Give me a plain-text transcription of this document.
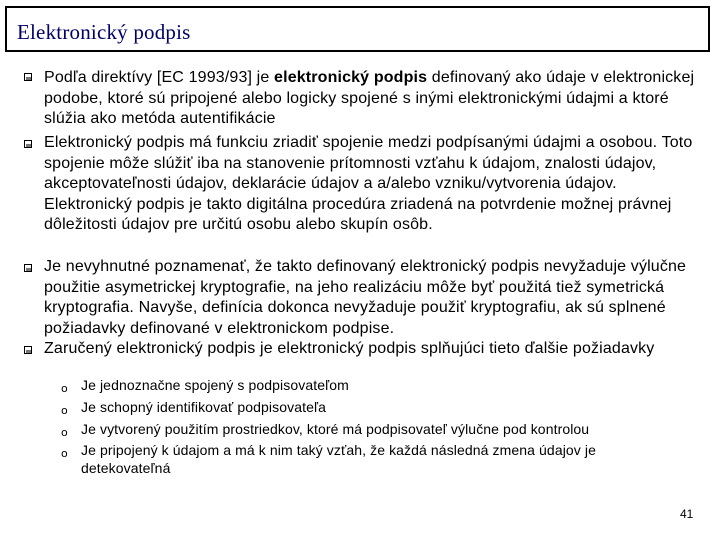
Elektronický podpis
Podľa direktívy [EC 1993/93] je elektronický podpis definovaný ako údaje v elektronickej podobe, ktoré sú pripojené alebo logicky spojené s inými elektronickými údajmi a ktoré slúžia ako metóda autentifikácie
Elektronický podpis má funkciu zriadiť spojenie medzi podpísanými údajmi a osobou. Toto spojenie môže slúžiť iba na stanovenie prítomnosti vzťahu k údajom, znalosti údajov, akceptovateľnosti údajov, deklarácie údajov a a/alebo vzniku/vytvorenia údajov. Elektronický podpis je takto digitálna procedúra zriadená na potvrdenie možnej právnej dôležitosti údajov pre určitú osobu alebo skupín osôb.
Je nevyhnutné poznamenať, že takto definovaný elektronický podpis nevyžaduje výlučne použitie asymetrickej kryptografie, na jeho realizáciu môže byť použitá tiež symetrická kryptografia. Navyše, definícia dokonca nevyžaduje použiť kryptografiu, ak sú splnené požiadavky definované v elektronickom podpise.
Zaručený elektronický podpis je elektronický podpis splňujúci tieto ďalšie požiadavky
o Je jednoznačne spojený s podpisovateľom
o Je schopný identifikovať podpisovateľa
o Je vytvorený použitím prostriedkov, ktoré má podpisovateľ výlučne pod kontrolou
o Je pripojený k údajom a má k nim taký vzťah, že každá následná zmena údajov je detekovateľná
41
